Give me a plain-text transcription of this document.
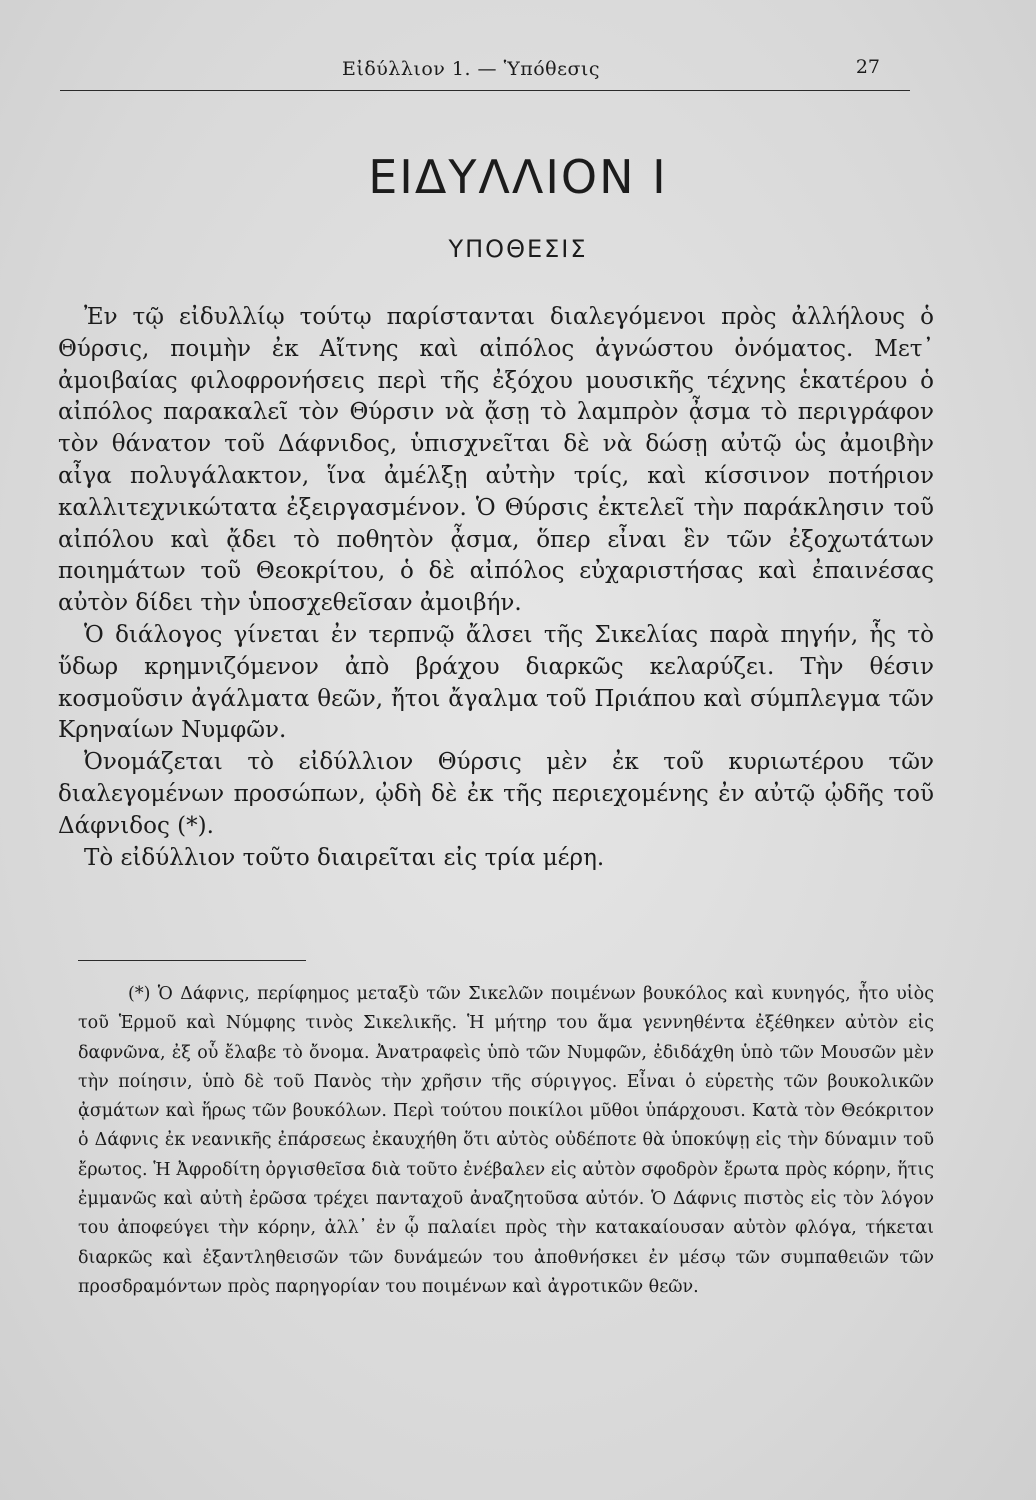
Εἰδύλλιον 1. — Ὑπόθεσις	27
ΕΙΔΥΛΛΙΟΝ Ι
ΥΠΟΘΕΣΙΣ

Ἐν τῷ εἰδυλλίῳ τούτῳ παρίστανται διαλεγόμενοι πρὸς ἀλλήλους ὁ Θύρσις, ποιμὴν ἐκ Αἴτνης καὶ αἰπόλος ἀγνώστου ὀνόματος. Μετ᾿ ἀμοιβαίας φιλοφρονήσεις περὶ τῆς ἐξόχου μουσικῆς τέχνης ἑκατέρου ὁ αἰπόλος παρακαλεῖ τὸν Θύρσιν νὰ ᾄσῃ τὸ λαμπρὸν ᾆσμα τὸ περιγράφον τὸν θάνατον τοῦ Δάφνιδος, ὑπισχνεῖται δὲ νὰ δώσῃ αὐτῷ ὡς ἀμοιβὴν αἶγα πολυγάλακτον, ἵνα ἀμέλξῃ αὐτὴν τρίς, καὶ κίσσινον ποτήριον καλλιτεχνικώτατα ἐξειργασμένον. Ὁ Θύρσις ἐκτελεῖ τὴν παράκλησιν τοῦ αἰπόλου καὶ ᾄδει τὸ ποθητὸν ᾆσμα, ὅπερ εἶναι ἓν τῶν ἐξοχωτάτων ποιημάτων τοῦ Θεοκρίτου, ὁ δὲ αἰπόλος εὐχαριστήσας καὶ ἐπαινέσας αὐτὸν δίδει τὴν ὑποσχεθεῖσαν ἀμοιβήν.

Ὁ διάλογος γίνεται ἐν τερπνῷ ἄλσει τῆς Σικελίας παρὰ πηγήν, ἧς τὸ ὕδωρ κρημνιζόμενον ἀπὸ βράχου διαρκῶς κελαρύζει. Τὴν θέσιν κοσμοῦσιν ἀγάλματα θεῶν, ἤτοι ἄγαλμα τοῦ Πριάπου καὶ σύμπλεγμα τῶν Κρηναίων Νυμφῶν.

Ὀνομάζεται τὸ εἰδύλλιον Θύρσις μὲν ἐκ τοῦ κυριωτέρου τῶν διαλεγομένων προσώπων, ᾠδὴ δὲ ἐκ τῆς περιεχομένης ἐν αὐτῷ ᾠδῆς τοῦ Δάφνιδος (*).

Τὸ εἰδύλλιον τοῦτο διαιρεῖται εἰς τρία μέρη.

(*) Ὁ Δάφνις, περίφημος μεταξὺ τῶν Σικελῶν ποιμένων βουκόλος καὶ κυνηγός, ἦτο υἱὸς τοῦ Ἑρμοῦ καὶ Νύμφης τινὸς Σικελικῆς. Ἡ μήτηρ του ἅμα γεννηθέντα ἐξέθηκεν αὐτὸν εἰς δαφνῶνα, ἐξ οὗ ἔλαβε τὸ ὄνομα. Ἀνατραφεὶς ὑπὸ τῶν Νυμφῶν, ἐδιδάχθη ὑπὸ τῶν Μουσῶν μὲν τὴν ποίησιν, ὑπὸ δὲ τοῦ Πανὸς τὴν χρῆσιν τῆς σύριγγος. Εἶναι ὁ εὑρετὴς τῶν βουκολικῶν ᾀσμάτων καὶ ἥρως τῶν βουκόλων. Περὶ τούτου ποικίλοι μῦθοι ὑπάρχουσι. Κατὰ τὸν Θεόκριτον ὁ Δάφνις ἐκ νεανικῆς ἐπάρσεως ἐκαυχήθη ὅτι αὐτὸς οὐδέποτε θὰ ὑποκύψῃ εἰς τὴν δύναμιν τοῦ ἔρωτος. Ἡ Ἀφροδίτη ὀργισθεῖσα διὰ τοῦτο ἐνέβαλεν εἰς αὐτὸν σφοδρὸν ἔρωτα πρὸς κόρην, ἥτις ἐμμανῶς καὶ αὐτὴ ἐρῶσα τρέχει πανταχοῦ ἀναζητοῦσα αὐτόν. Ὁ Δάφνις πιστὸς εἰς τὸν λόγον του ἀποφεύγει τὴν κόρην, ἀλλ᾿ ἐν ᾧ παλαίει πρὸς τὴν κατακαίουσαν αὐτὸν φλόγα, τήκεται διαρκῶς καὶ ἐξαντληθεισῶν τῶν δυνάμεών του ἀποθνήσκει ἐν μέσῳ τῶν συμπαθειῶν τῶν προσδραμόντων πρὸς παρηγορίαν του ποιμένων καὶ ἀγροτικῶν θεῶν.
